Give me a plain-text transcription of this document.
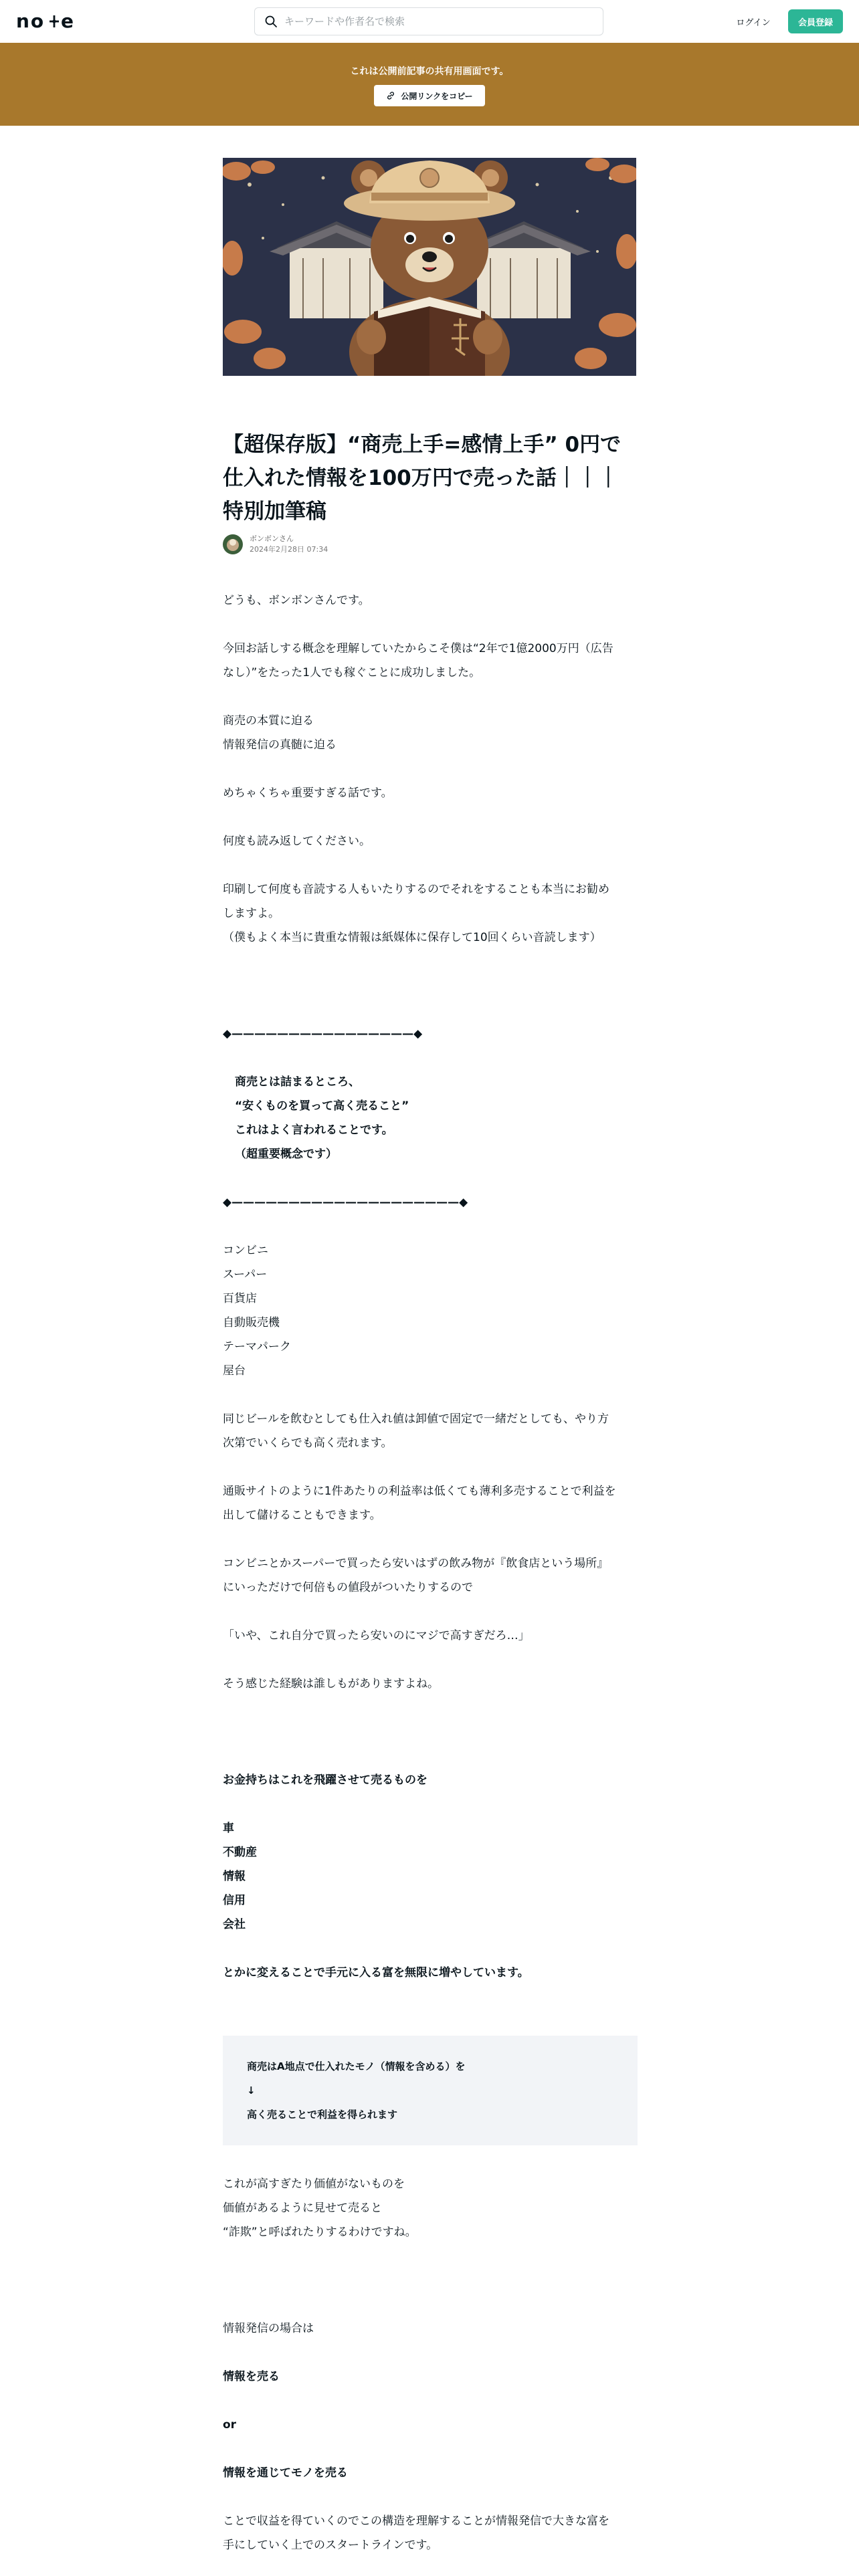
no e
キーワードや作者名で検索	ログイン	会員登録
これは公開前記事の共有用画面です。
公開リンクをコピー
【超保存版】“商売上手=感情上手” 0円で仕入れた情報を100万円で売った話｜｜｜特別加筆稿
ボンボンさん
2024年2月28日 07:34

どうも、ボンボンさんです。

今回お話しする概念を理解していたからこそ僕は“2年で1億2000万円（広告

なし）”をたった1人でも稼ぐことに成功しました。

商売の本質に迫る

情報発信の真髄に迫る

めちゃくちゃ重要すぎる話です。

何度も読み返してください。

印刷して何度も音読する人もいたりするのでそれをすることも本当にお勧め

しますよ。

（僕もよく本当に貴重な情報は紙媒体に保存して10回くらい音読します）

◆————————————————◆

商売とは詰まるところ、

“安くものを買って高く売ること”

これはよく言われることです。

（超重要概念です）

◆————————————————————◆

コンビニ

スーパー

百貨店

自動販売機

テーマパーク

屋台

同じビールを飲むとしても仕入れ値は卸値で固定で一緒だとしても、やり方

次第でいくらでも高く売れます。

通販サイトのように1件あたりの利益率は低くても薄利多売することで利益を

出して儲けることもできます。

コンビニとかスーパーで買ったら安いはずの飲み物が『飲食店という場所』

にいっただけで何倍もの値段がついたりするので

「いや、これ自分で買ったら安いのにマジで高すぎだろ…」

そう感じた経験は誰しもがありますよね。

お金持ちはこれを飛躍させて売るものを

車

不動産

情報

信用

会社

とかに変えることで手元に入る富を無限に増やしています。

商売はA地点で仕入れたモノ（情報を含める）を

↓

高く売ることで利益を得られます

これが高すぎたり価値がないものを

価値があるように見せて売ると

“詐欺”と呼ばれたりするわけですね。

情報発信の場合は

情報を売る

or

情報を通じてモノを売る

ことで収益を得ていくのでこの構造を理解することが情報発信で大きな富を

手にしていく上でのスタートラインです。
